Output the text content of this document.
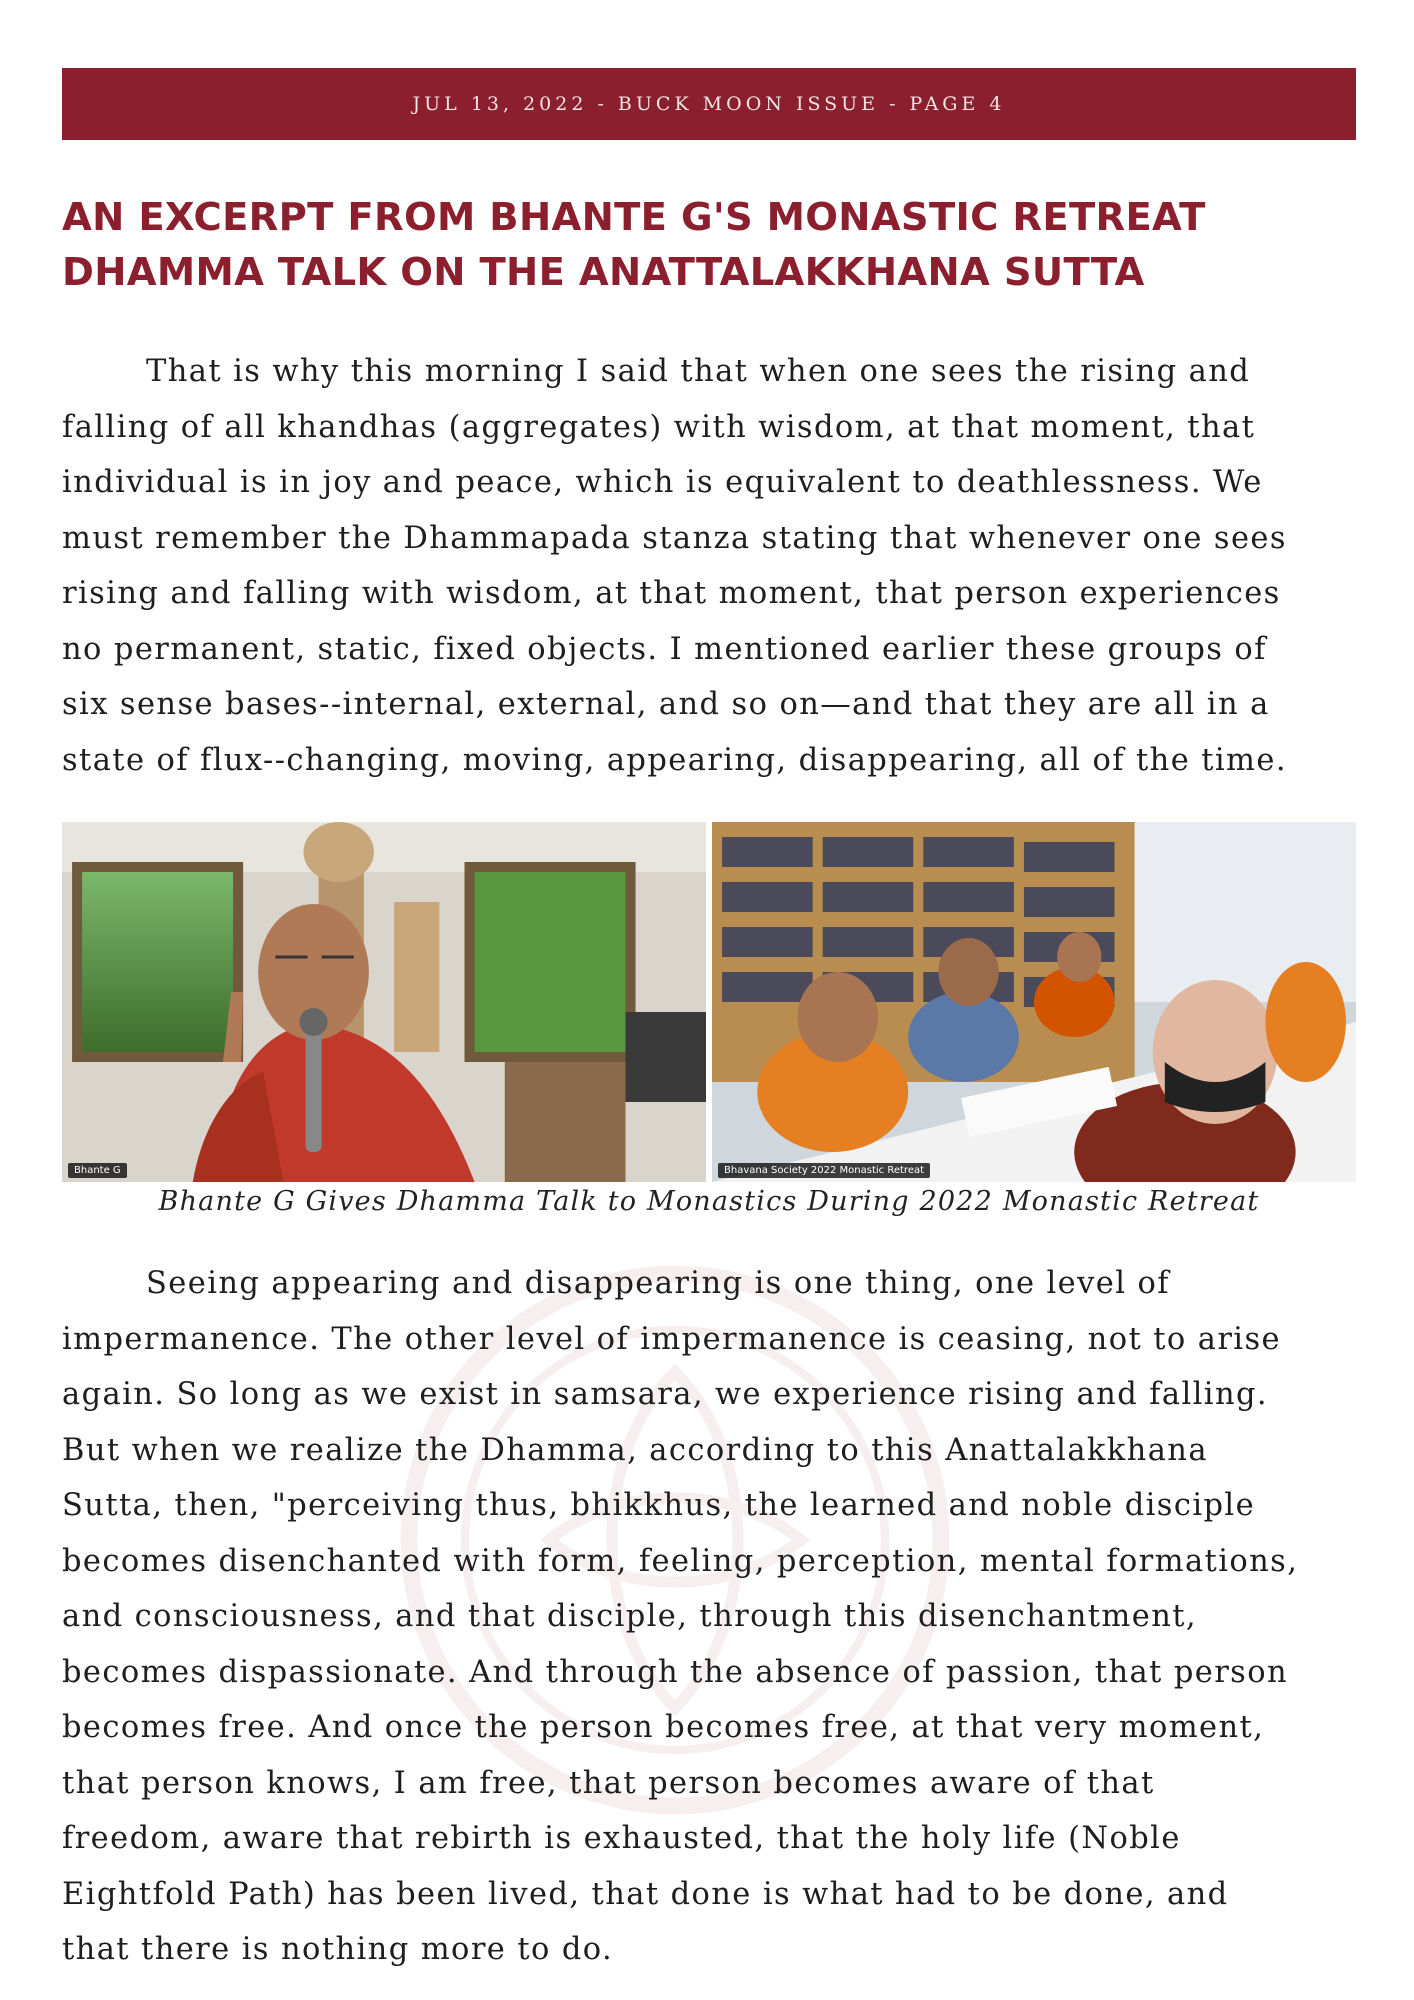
JUL 13, 2022 - BUCK MOON ISSUE - PAGE 4
AN EXCERPT FROM BHANTE G'S MONASTIC RETREAT
DHAMMA TALK ON THE ANATTALAKKHANA SUTTA
That is why this morning I said that when one sees the rising and
falling of all khandhas (aggregates) with wisdom, at that moment, that
individual is in joy and peace, which is equivalent to deathlessness. We
must remember the Dhammapada stanza stating that whenever one sees
rising and falling with wisdom, at that moment, that person experiences
no permanent, static, fixed objects. I mentioned earlier these groups of
six sense bases--internal, external, and so on—and that they are all in a
state of flux--changing, moving, appearing, disappearing, all of the time.
Bhante G	Bhavana Society 2022 Monastic Retreat
Bhante G Gives Dhamma Talk to Monastics During 2022 Monastic Retreat
Seeing appearing and disappearing is one thing, one level of
impermanence. The other level of impermanence is ceasing, not to arise
again. So long as we exist in samsara, we experience rising and falling.
But when we realize the Dhamma, according to this Anattalakkhana
Sutta, then, "perceiving thus, bhikkhus, the learned and noble disciple
becomes disenchanted with form, feeling, perception, mental formations,
and consciousness, and that disciple, through this disenchantment,
becomes dispassionate. And through the absence of passion, that person
becomes free. And once the person becomes free, at that very moment,
that person knows, I am free, that person becomes aware of that
freedom, aware that rebirth is exhausted, that the holy life (Noble
Eightfold Path) has been lived, that done is what had to be done, and
that there is nothing more to do.
